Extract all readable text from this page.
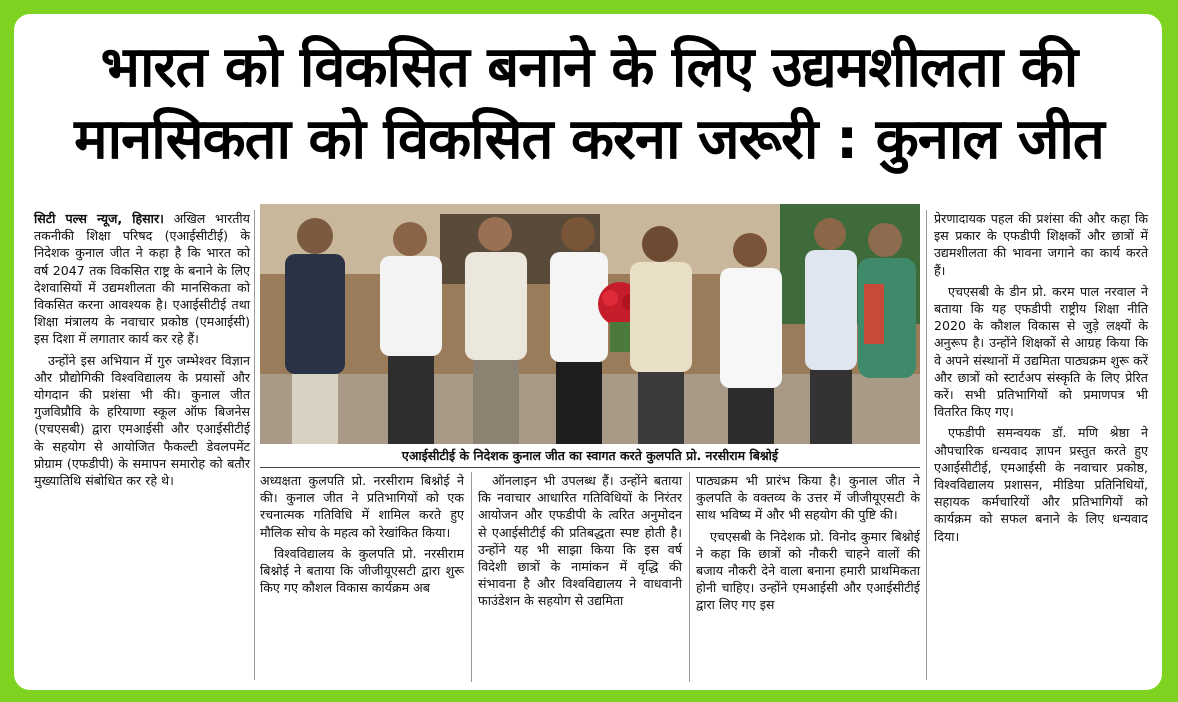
भारत को विकसित बनाने के लिए उद्यमशीलता की
मानसिकता को विकसित करना जरूरी : कुनाल जीत

सिटी पल्स न्यूज, हिसार। अखिल भारतीय तकनीकी शिक्षा परिषद (एआईसीटीई) के निदेशक कुनाल जीत ने कहा है कि भारत को वर्ष 2047 तक विकसित राष्ट्र के बनाने के लिए देशवासियों में उद्यमशीलता की मानसिकता को विकसित करना आवश्यक है। एआईसीटीई तथा शिक्षा मंत्रालय के नवाचार प्रकोष्ठ (एमआईसी) इस दिशा में लगातार कार्य कर रहे हैं।

उन्होंने इस अभियान में गुरु जम्भेश्वर विज्ञान और प्रौद्योगिकी विश्वविद्यालय के प्रयासों और योगदान की प्रशंसा भी की। कुनाल जीत गुजविप्रौवि के हरियाणा स्कूल ऑफ बिजनेस (एचएसबी) द्वारा एमआईसी और एआईसीटीई के सहयोग से आयोजित फैकल्टी डेवलपमेंट प्रोग्राम (एफडीपी) के समापन समारोह को बतौर मुख्यातिथि संबोधित कर रहे थे।

एआईसीटीई के निदेशक कुनाल जीत का स्वागत करते कुलपति प्रो. नरसीराम बिश्नोई

अध्यक्षता कुलपति प्रो. नरसीराम बिश्नोई ने की। कुनाल जीत ने प्रतिभागियों को एक रचनात्मक गतिविधि में शामिल करते हुए मौलिक सोच के महत्व को रेखांकित किया।

विश्वविद्यालय के कुलपति प्रो. नरसीराम बिश्नोई ने बताया कि जीजीयूएसटी द्वारा शुरू किए गए कौशल विकास कार्यक्रम अब

ऑनलाइन भी उपलब्ध हैं। उन्होंने बताया कि नवाचार आधारित गतिविधियों के निरंतर आयोजन और एफडीपी के त्वरित अनुमोदन से एआईसीटीई की प्रतिबद्धता स्पष्ट होती है। उन्होंने यह भी साझा किया कि इस वर्ष विदेशी छात्रों के नामांकन में वृद्धि की संभावना है और विश्वविद्यालय ने वाधवानी फाउंडेशन के सहयोग से उद्यमिता

पाठ्यक्रम भी प्रारंभ किया है। कुनाल जीत ने कुलपति के वक्तव्य के उत्तर में जीजीयूएसटी के साथ भविष्य में और भी सहयोग की पुष्टि की।

एचएसबी के निदेशक प्रो. विनोद कुमार बिश्नोई ने कहा कि छात्रों को नौकरी चाहने वालों की बजाय नौकरी देने वाला बनाना हमारी प्राथमिकता होनी चाहिए। उन्होंने एमआईसी और एआईसीटीई द्वारा लिए गए इस

प्रेरणादायक पहल की प्रशंसा की और कहा कि इस प्रकार के एफडीपी शिक्षकों और छात्रों में उद्यमशीलता की भावना जगाने का कार्य करते हैं।

एचएसबी के डीन प्रो. करम पाल नरवाल ने बताया कि यह एफडीपी राष्ट्रीय शिक्षा नीति 2020 के कौशल विकास से जुड़े लक्ष्यों के अनुरूप है। उन्होंने शिक्षकों से आग्रह किया कि वे अपने संस्थानों में उद्यमिता पाठ्यक्रम शुरू करें और छात्रों को स्टार्टअप संस्कृति के लिए प्रेरित करें। सभी प्रतिभागियों को प्रमाणपत्र भी वितरित किए गए।

एफडीपी समन्वयक डॉ. मणि श्रेष्ठा ने औपचारिक धन्यवाद ज्ञापन प्रस्तुत करते हुए एआईसीटीई, एमआईसी के नवाचार प्रकोष्ठ, विश्वविद्यालय प्रशासन, मीडिया प्रतिनिधियों, सहायक कर्मचारियों और प्रतिभागियों को कार्यक्रम को सफल बनाने के लिए धन्यवाद दिया।
